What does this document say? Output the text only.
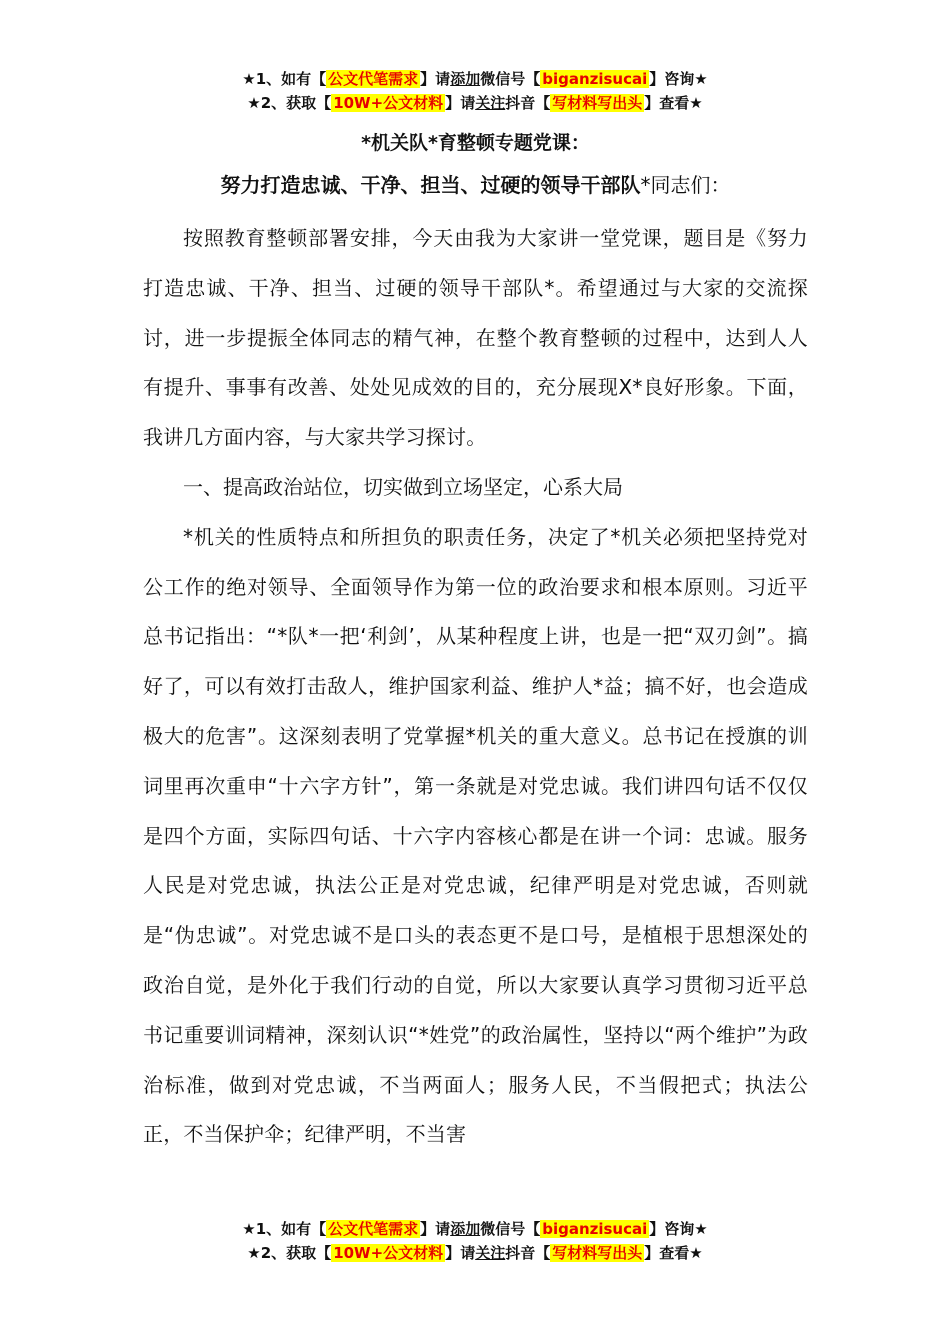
★1、如有【 公文代笔需求 】请添加微信号【 biganzisucai 】咨询★
★2、获取【 10W+公文材料 】请关注抖音【 写材料写出头 】查看★
*机关队*育整顿专题党课：
努力打造忠诚、干净、担当、过硬的领导干部队*同志们：

按照教育整顿部署安排，今天由我为大家讲一堂党课，题目是《努力打造忠诚、干净、担当、过硬的领导干部队*。希望通过与大家的交流探讨，进一步提振全体同志的精气神，在整个教育整顿的过程中，达到人人有提升、事事有改善、处处见成效的目的，充分展现X*良好形象。下面，我讲几方面内容，与大家共学习探讨。

一、提高政治站位，切实做到立场坚定，心系大局

*机关的性质特点和所担负的职责任务，决定了*机关必须把坚持党对公工作的绝对领导、全面领导作为第一位的政治要求和根本原则。习近平总书记指出：“*队*一把‘利剑’，从某种程度上讲，也是一把“双刃剑”。搞好了，可以有效打击敌人，维护国家利益、维护人*益；搞不好，也会造成极大的危害”。这深刻表明了党掌握*机关的重大意义。总书记在授旗的训词里再次重申“十六字方针”，第一条就是对党忠诚。我们讲四句话不仅仅是四个方面，实际四句话、十六字内容核心都是在讲一个词：忠诚。服务人民是对党忠诚，执法公正是对党忠诚，纪律严明是对党忠诚，否则就是“伪忠诚”。对党忠诚不是口头的表态更不是口号，是植根于思想深处的政治自觉，是外化于我们行动的自觉，所以大家要认真学习贯彻习近平总书记重要训词精神，深刻认识“*姓党”的政治属性，坚持以“两个维护”为政治标准，做到对党忠诚，不当两面人；服务人民，不当假把式；执法公正，不当保护伞；纪律严明，不当害

★1、如有【 公文代笔需求 】请添加微信号【 biganzisucai 】咨询★
★2、获取【 10W+公文材料 】请关注抖音【 写材料写出头 】查看★
